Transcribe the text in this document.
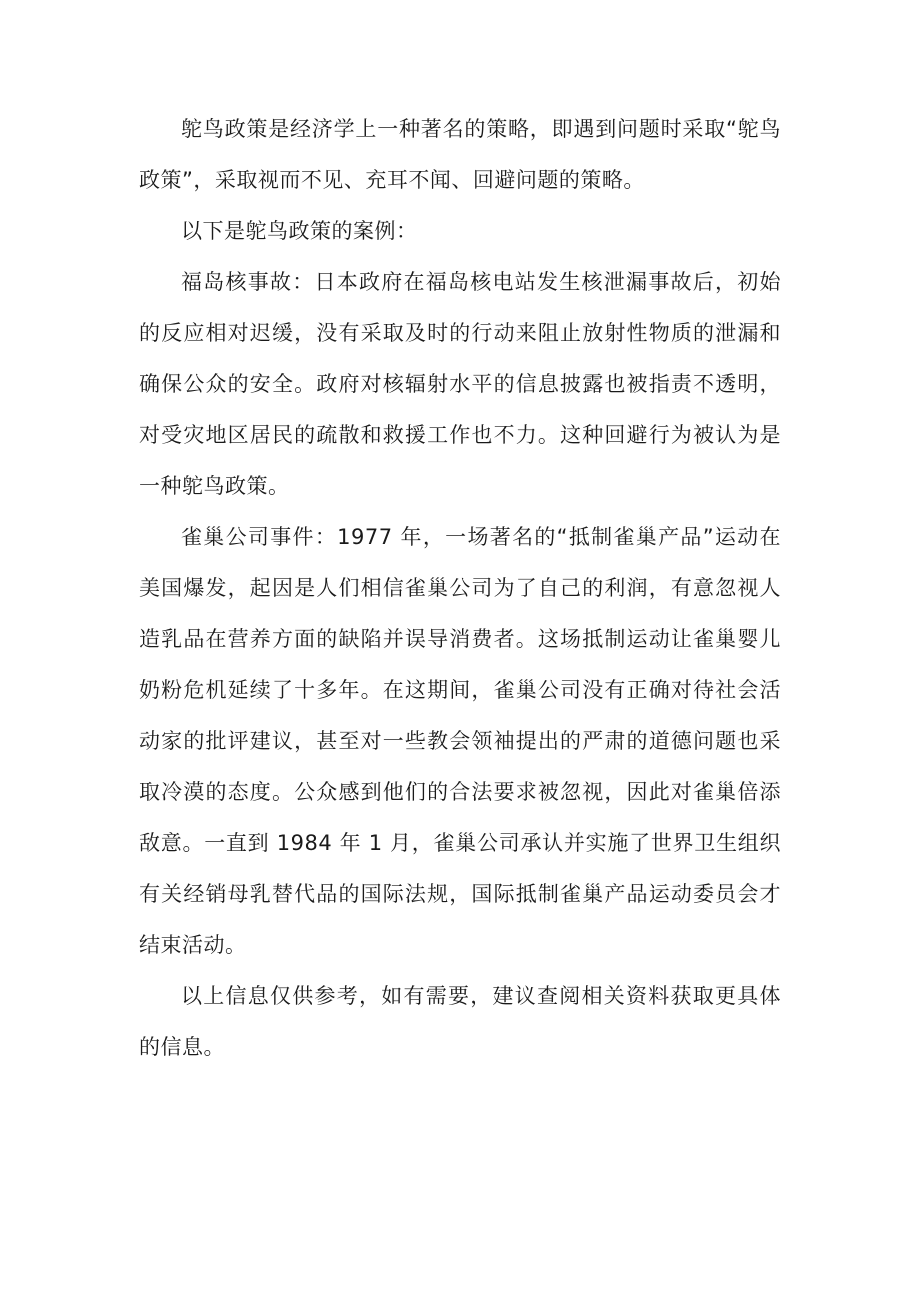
鸵鸟政策是经济学上一种著名的策略，即遇到问题时采取“鸵鸟政策”，采取视而不见、充耳不闻、回避问题的策略。

以下是鸵鸟政策的案例：

福岛核事故：日本政府在福岛核电站发生核泄漏事故后，初始的反应相对迟缓，没有采取及时的行动来阻止放射性物质的泄漏和确保公众的安全。政府对核辐射水平的信息披露也被指责不透明，对受灾地区居民的疏散和救援工作也不力。这种回避行为被认为是一种鸵鸟政策。

雀巢公司事件：1977 年，一场著名的“抵制雀巢产品”运动在美国爆发，起因是人们相信雀巢公司为了自己的利润，有意忽视人造乳品在营养方面的缺陷并误导消费者。这场抵制运动让雀巢婴儿奶粉危机延续了十多年。在这期间，雀巢公司没有正确对待社会活动家的批评建议，甚至对一些教会领袖提出的严肃的道德问题也采取冷漠的态度。公众感到他们的合法要求被忽视，因此对雀巢倍添敌意。一直到 1984 年 1 月，雀巢公司承认并实施了世界卫生组织有关经销母乳替代品的国际法规，国际抵制雀巢产品运动委员会才结束活动。

以上信息仅供参考，如有需要，建议查阅相关资料获取更具体的信息。
